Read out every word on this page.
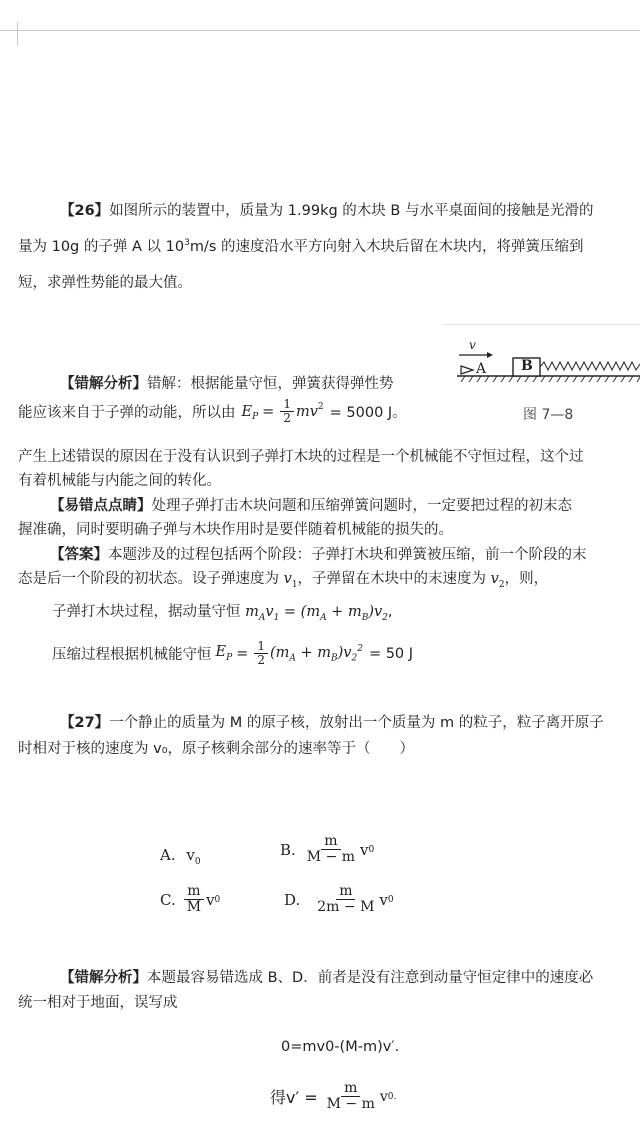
【26】如图所示的装置中，质量为 1.99kg 的木块 B 与水平桌面间的接触是光滑的
量为 10g 的子弹 A 以 $10^3m/s$ 的速度沿水平方向射入木块后留在木块内，将弹簧压缩到
短，求弹性势能的最大值。
v
A B
图 7—8
【错解分析】错解：根据能量守恒，弹簧获得弹性势
能应该来自于子弹的动能，所以由 $E_P = \frac{1}{2} mv^2 = 5000$ J。
产生上述错误的原因在于没有认识到子弹打木块的过程是一个机械能不守恒过程，这个过
有着机械能与内能之间的转化。
【易错点点睛】处理子弹打击木块问题和压缩弹簧问题时，一定要把过程的初末态
握准确，同时要明确子弹与木块作用时是要伴随着机械能的损失的。
【答案】本题涉及的过程包括两个阶段：子弹打木块和弹簧被压缩，前一个阶段的末
态是后一个阶段的初状态。设子弹速度为 $v_1$，子弹留在木块中的末速度为 $v_2$，则，
子弹打木块过程，据动量守恒 $m_Av_1 = (m_A + m_B)v_2$,
压缩过程根据机械能守恒 $E_P = \frac{1}{2} (m_A + m_B)v_2^2 = 50$ J
【27】一个静止的质量为 M 的原子核，放射出一个质量为 m 的粒子，粒子离开原子
时相对于核的速度为 v₀，原子核剩余部分的速率等于（　　）
A. $v_0$
B. $\frac{m}{M - m}$ v 0
C. $\frac{m}{M}$ v 0	D. $\frac{m}{2m - M}$ v 0
【错解分析】本题最容易错选成 B、D．前者是没有注意到动量守恒定律中的速度必
统一相对于地面，误写成
0=mv0-(M-m)v′.
得$v' = \frac{m}{M - m}$ v 0.
